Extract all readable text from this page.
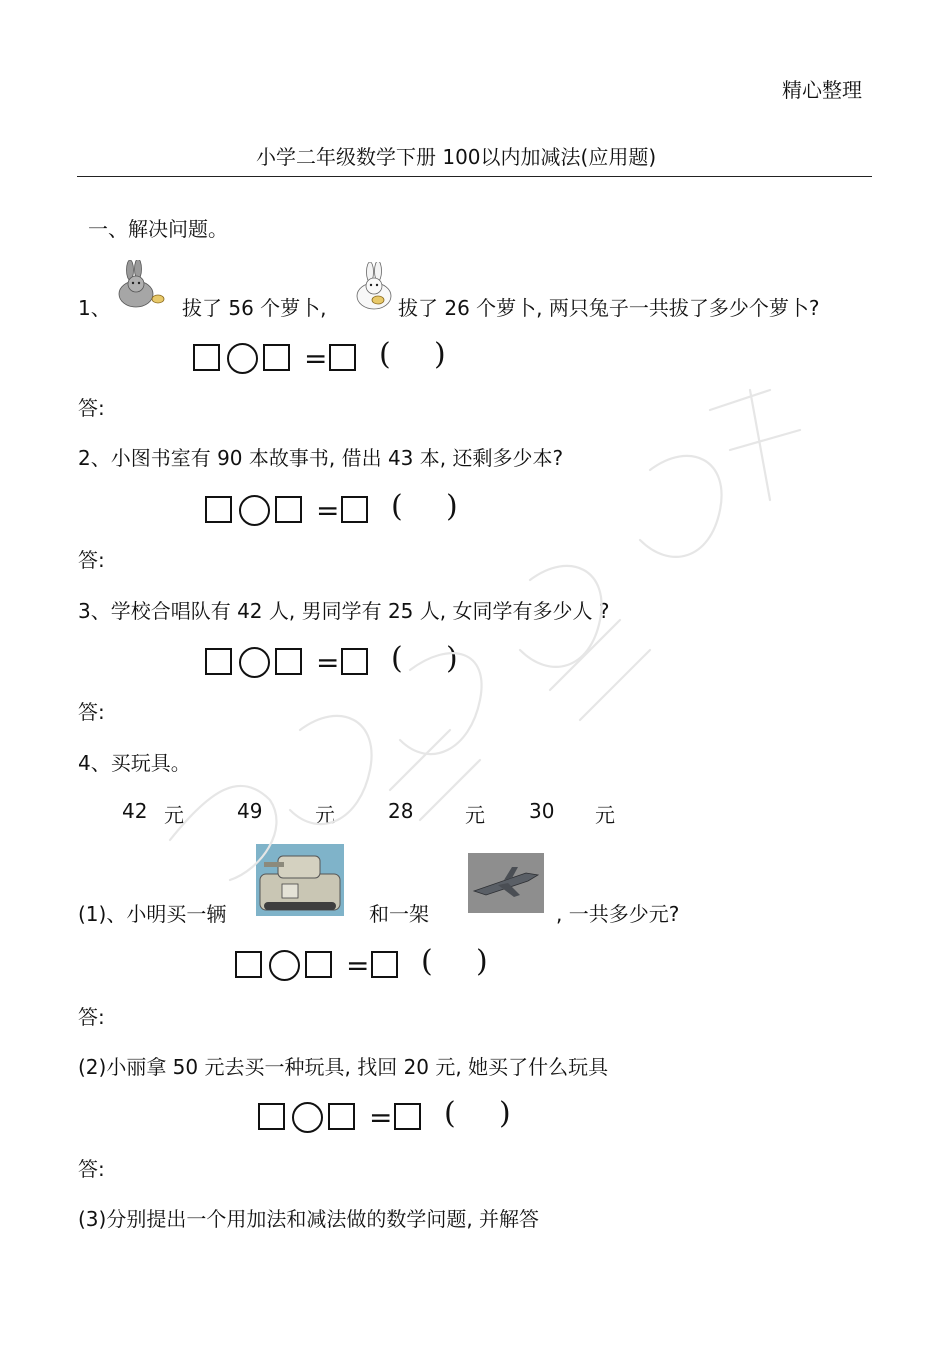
精心整理
小学二年级数学下册 100以内加减法(应用题)
一、解决问题。
1、	拔了 56 个萝卜,	拔了 26 个萝卜, 两只兔子一共拔了多少个萝卜?
= ( )
答:
2、小图书室有 90 本故事书, 借出 43 本, 还剩多少本?
= ( )
答:
3、学校合唱队有 42 人, 男同学有 25 人, 女同学有多少人 ?
= ( )
答:
4、买玩具。
42 元	49	元	28	元 30 元
(1)、小明买一辆	和一架	, 一共多少元?
= ( )
答:
(2)小丽拿 50 元去买一种玩具, 找回 20 元, 她买了什么玩具
= ( )
答:
(3)分别提出一个用加法和减法做的数学问题, 并解答
